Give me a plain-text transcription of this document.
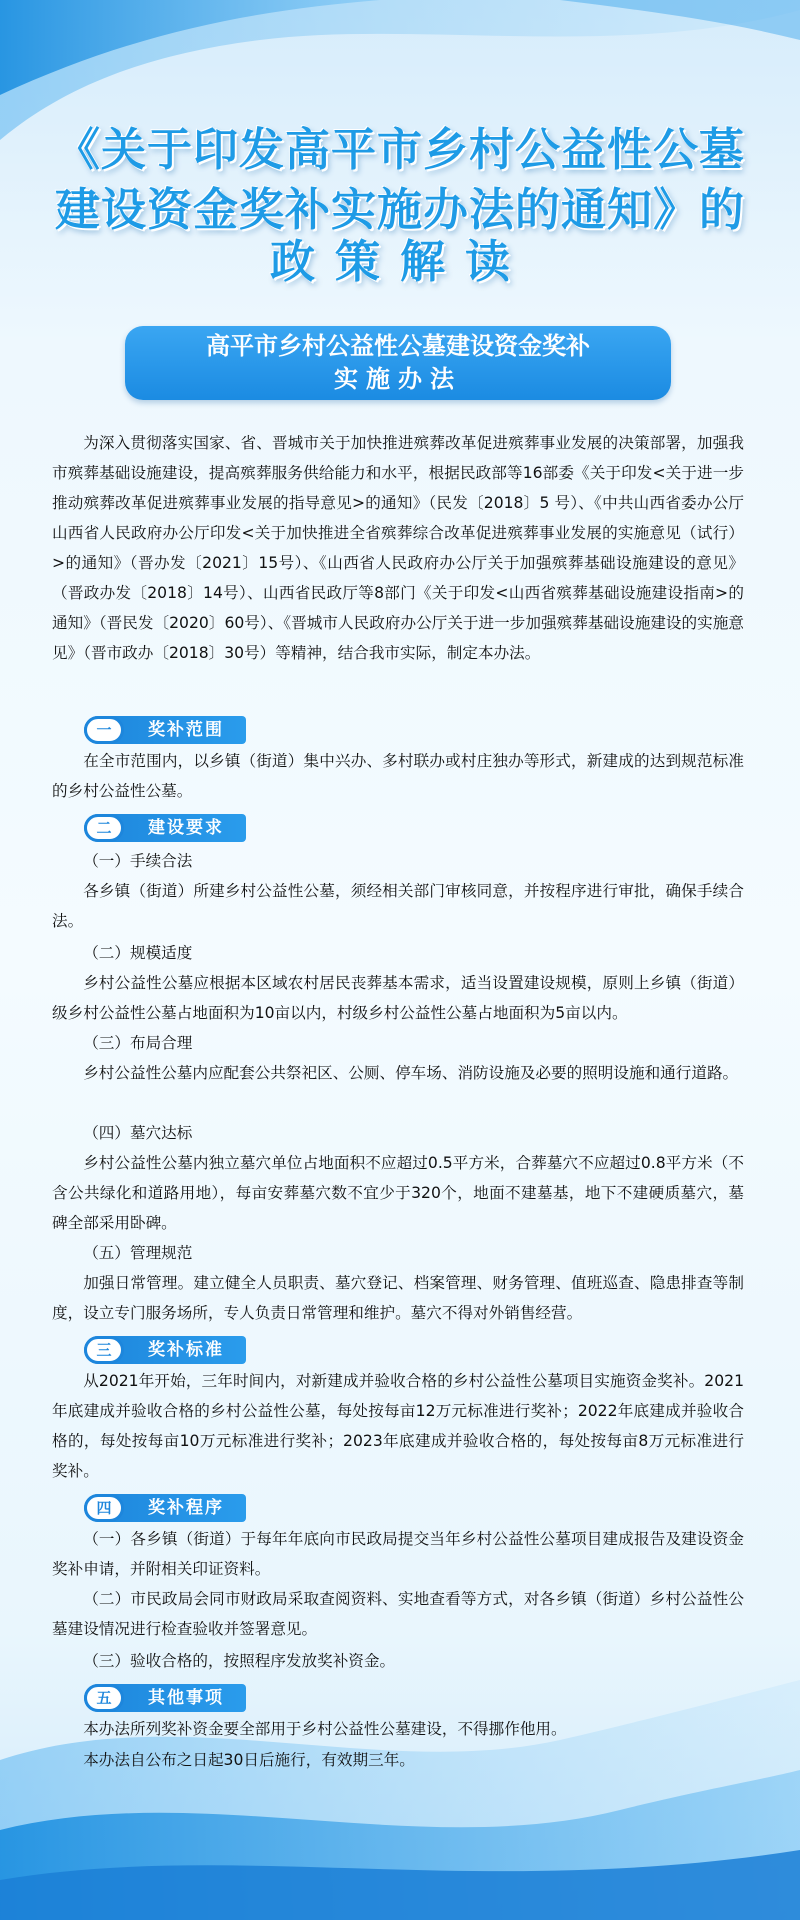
《关于印发高平市乡村公益性公墓
建设资金奖补实施办法的通知》的
政策解读
高平市乡村公益性公墓建设资金奖补
实施办法

为深入贯彻落实国家、省、晋城市关于加快推进殡葬改革促进殡葬事业发展的决策部署，加强我市殡葬基础设施建设，提高殡葬服务供给能力和水平，根据民政部等16部委《关于印发<关于进一步推动殡葬改革促进殡葬事业发展的指导意见>的通知》（民发〔2018〕5 号）、《中共山西省委办公厅 山西省人民政府办公厅印发<关于加快推进全省殡葬综合改革促进殡葬事业发展的实施意见（试行）>的通知》（晋办发〔2021〕15号）、《山西省人民政府办公厅关于加强殡葬基础设施建设的意见》（晋政办发〔2018〕14号）、山西省民政厅等8部门《关于印发<山西省殡葬基础设施建设指南>的通知》（晋民发〔2020〕60号）、《晋城市人民政府办公厅关于进一步加强殡葬基础设施建设的实施意见》（晋市政办〔2018〕30号）等精神，结合我市实际，制定本办法。

一	奖补范围

在全市范围内，以乡镇（街道）集中兴办、多村联办或村庄独办等形式，新建成的达到规范标准的乡村公益性公墓。

二	建设要求

（一）手续合法

各乡镇（街道）所建乡村公益性公墓，须经相关部门审核同意，并按程序进行审批，确保手续合法。

（二）规模适度

乡村公益性公墓应根据本区域农村居民丧葬基本需求，适当设置建设规模，原则上乡镇（街道）级乡村公益性公墓占地面积为10亩以内，村级乡村公益性公墓占地面积为5亩以内。

（三）布局合理

乡村公益性公墓内应配套公共祭祀区、公厕、停车场、消防设施及必要的照明设施和通行道路。

（四）墓穴达标

乡村公益性公墓内独立墓穴单位占地面积不应超过0.5平方米，合葬墓穴不应超过0.8平方米（不含公共绿化和道路用地），每亩安葬墓穴数不宜少于320个，地面不建墓基，地下不建硬质墓穴，墓碑全部采用卧碑。

（五）管理规范

加强日常管理。建立健全人员职责、墓穴登记、档案管理、财务管理、值班巡查、隐患排查等制度，设立专门服务场所，专人负责日常管理和维护。墓穴不得对外销售经营。

三	奖补标准

从2021年开始，三年时间内，对新建成并验收合格的乡村公益性公墓项目实施资金奖补。2021年底建成并验收合格的乡村公益性公墓，每处按每亩12万元标准进行奖补；2022年底建成并验收合格的，每处按每亩10万元标准进行奖补；2023年底建成并验收合格的，每处按每亩8万元标准进行奖补。

四	奖补程序

（一）各乡镇（街道）于每年年底向市民政局提交当年乡村公益性公墓项目建成报告及建设资金奖补申请，并附相关印证资料。

（二）市民政局会同市财政局采取查阅资料、实地查看等方式，对各乡镇（街道）乡村公益性公墓建设情况进行检查验收并签署意见。

（三）验收合格的，按照程序发放奖补资金。

五	其他事项

本办法所列奖补资金要全部用于乡村公益性公墓建设，不得挪作他用。

本办法自公布之日起30日后施行，有效期三年。
